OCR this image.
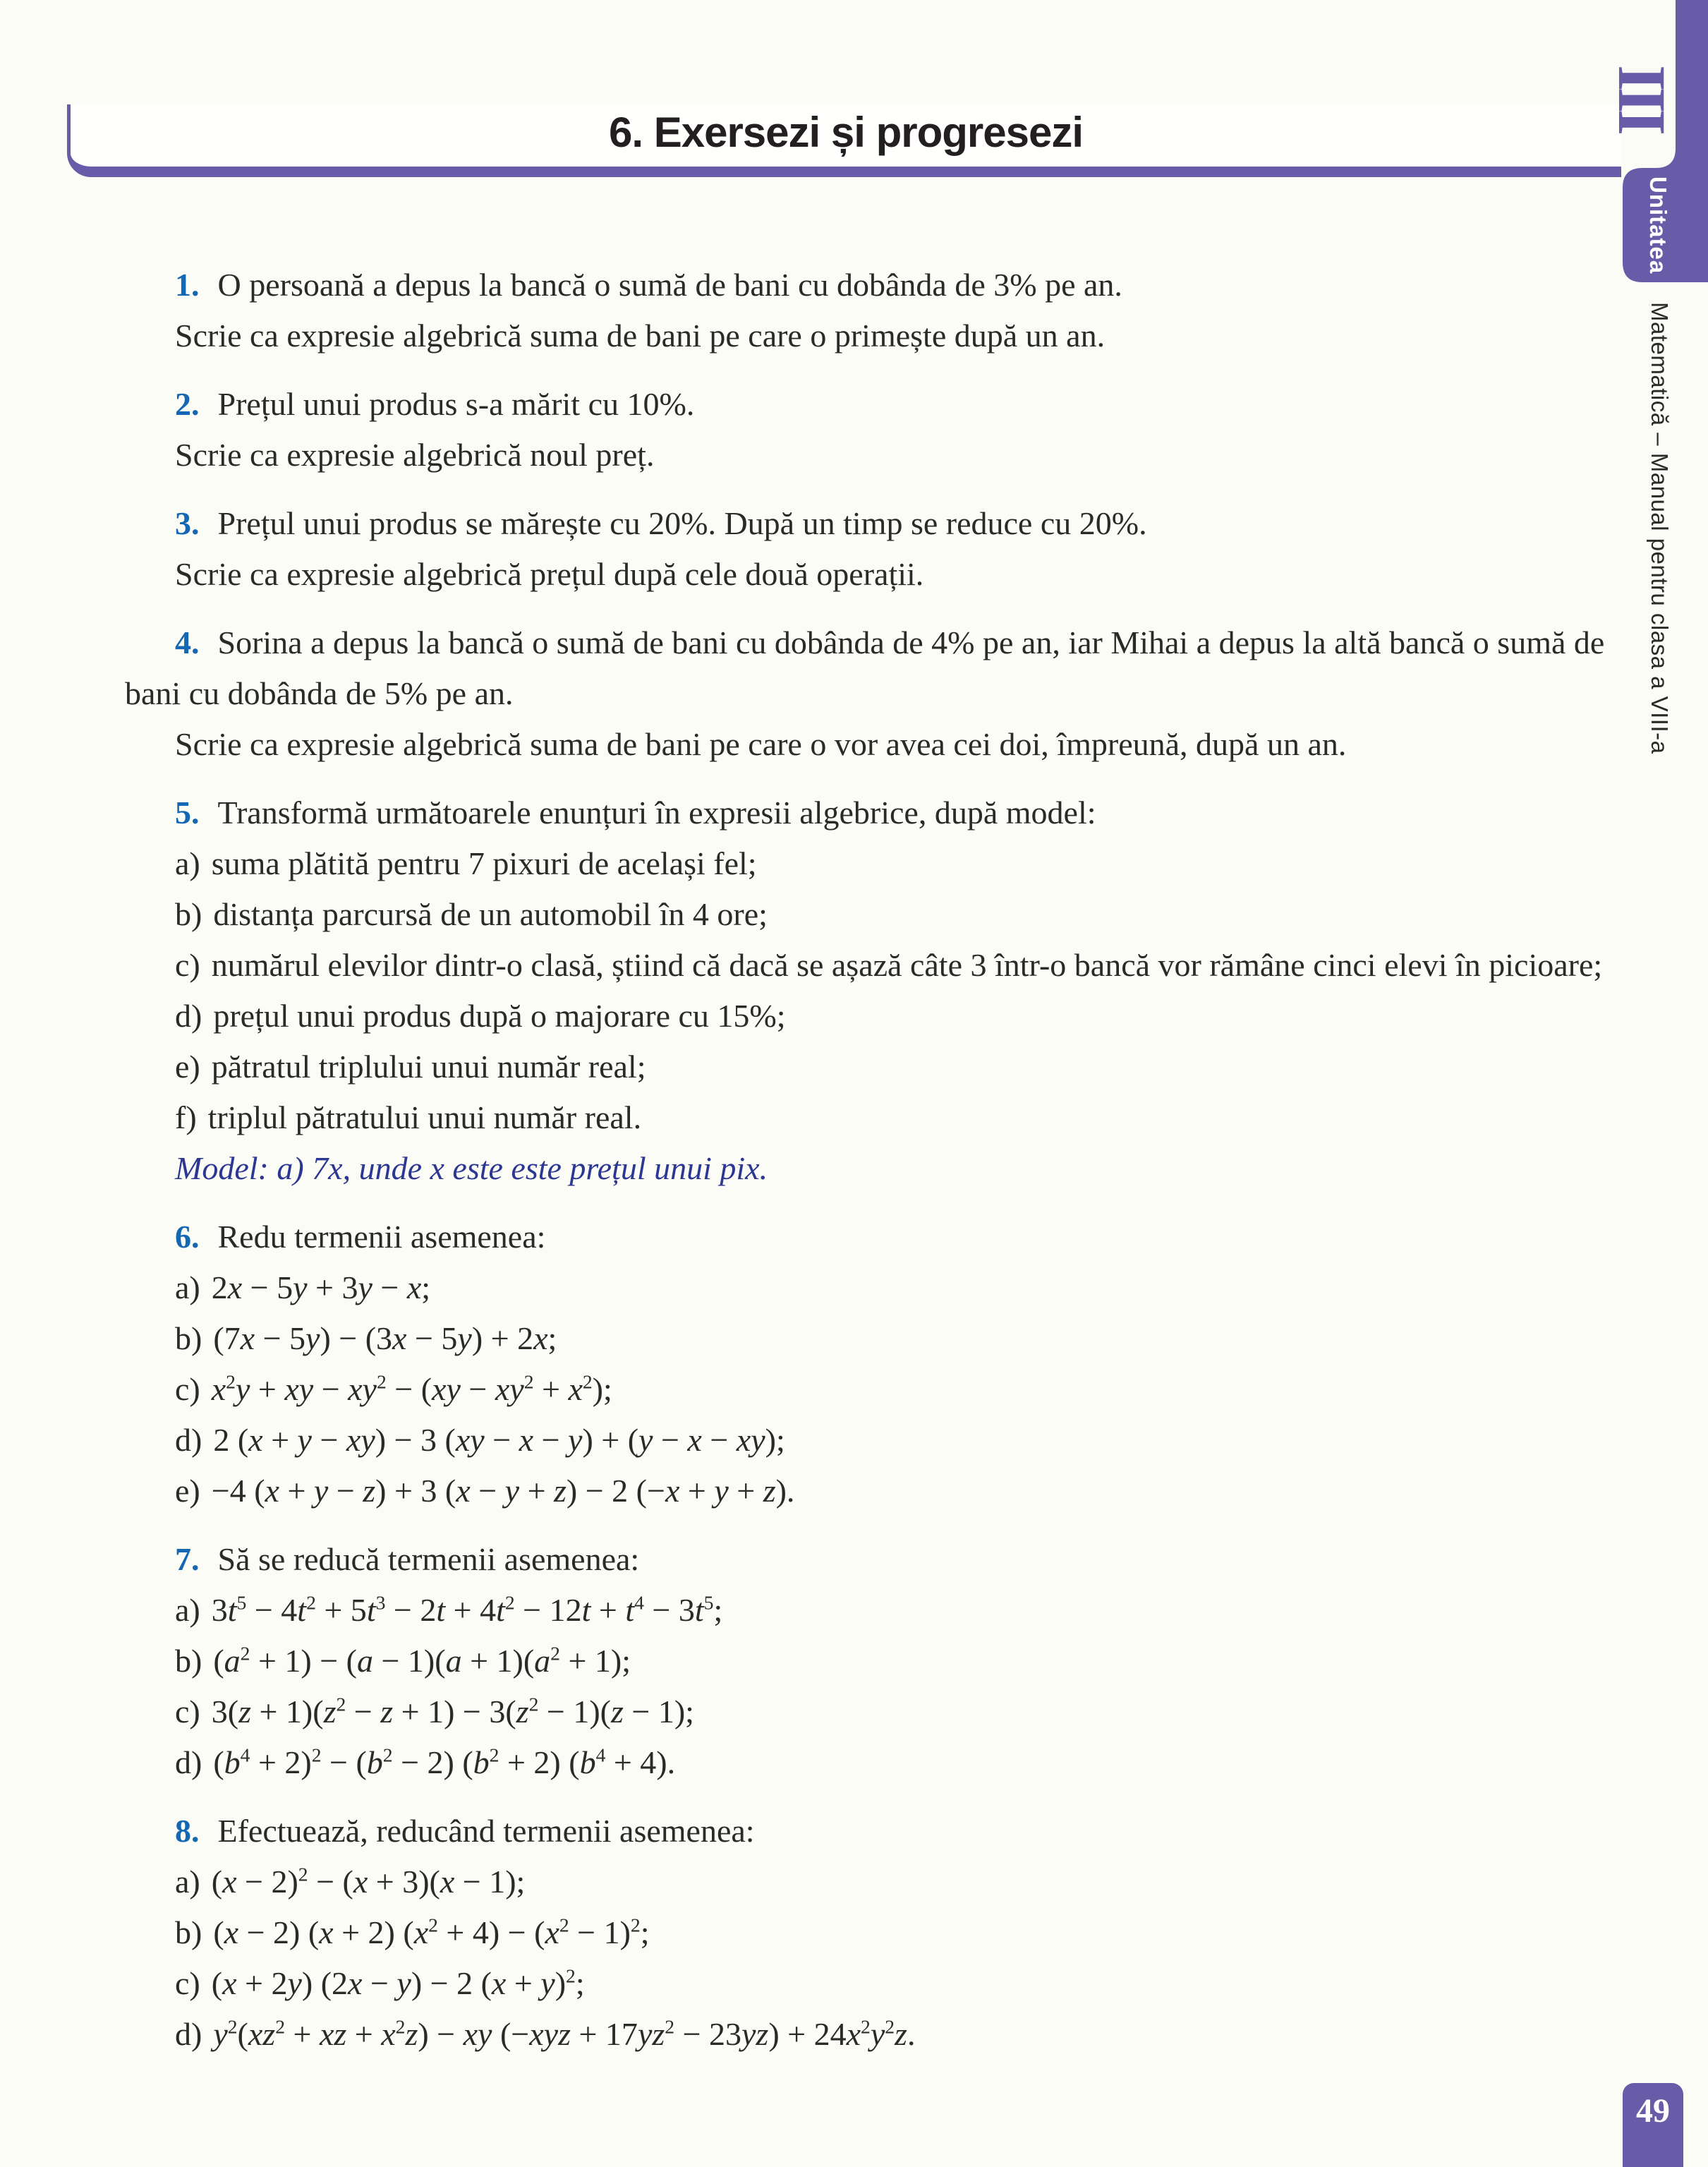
6. Exersezi și progresezi
III
Unitatea
Matematică – Manual pentru clasa a VIII-a
49
1. O persoană a depus la bancă o sumă de bani cu dobânda de 3% pe an.
Scrie ca expresie algebrică suma de bani pe care o primește după un an.
2. Prețul unui produs s-a mărit cu 10%.
Scrie ca expresie algebrică noul preț.
3. Prețul unui produs se mărește cu 20%. După un timp se reduce cu 20%.
Scrie ca expresie algebrică prețul după cele două operații.
4. Sorina a depus la bancă o sumă de bani cu dobânda de 4% pe an, iar Mihai a depus la altă bancă o sumă de bani cu dobânda de 5% pe an.
Scrie ca expresie algebrică suma de bani pe care o vor avea cei doi, împreună, după un an.
5. Transformă următoarele enunțuri în expresii algebrice, după model:
a) suma plătită pentru 7 pixuri de același fel;
b) distanța parcursă de un automobil în 4 ore;
c) numărul elevilor dintr-o clasă, știind că dacă se așază câte 3 într-o bancă vor rămâne cinci elevi în picioare;
d) prețul unui produs după o majorare cu 15%;
e) pătratul triplului unui număr real;
f) triplul pătratului unui număr real.
Model: a) 7x, unde x este este prețul unui pix.
6. Redu termenii asemenea:
a) 2x − 5y + 3y − x;
b) (7x − 5y) − (3x − 5y) + 2x;
c) $x^2y$ + xy − $xy^2 - (xy - xy^2 + x^2)$;
d) 2 (x + y − xy) − 3 (xy − x − y) + (y − x − xy);
e) −4 (x + y − z) + 3 (x − y + z) − 2 (−x + y + z).
7. Să se reducă termenii asemenea:
a) $3t^5 - 4t^2 + 5t^3 - 2t + 4t^2 - 12t + t^4 - 3t^5$;
b) $(a^2 + 1) - (a - 1)(a + 1)(a^2 + 1)$;
c) $3(z + 1)(z^2 - z + 1) - 3(z^2 - 1)(z - 1)$;
d) $(b^4 + 2)^2 - (b^2 - 2) (b^2 + 2) (b^4 + 4)$.
8. Efectuează, reducând termenii asemenea:
a) $(x - 2)^2 - (x + 3)(x - 1)$;
b) (x − 2) (x + 2) $(x^2 + 4) - (x^2 - 1)^2$;
c) (x + 2y) (2x − y) − 2 $(x + y)^2$;
d) $y^2(xz^2$ + xz + $x^2z$) − xy $(-xyz + 17yz^2 - 23yz) + 24x^2y^2z$.
